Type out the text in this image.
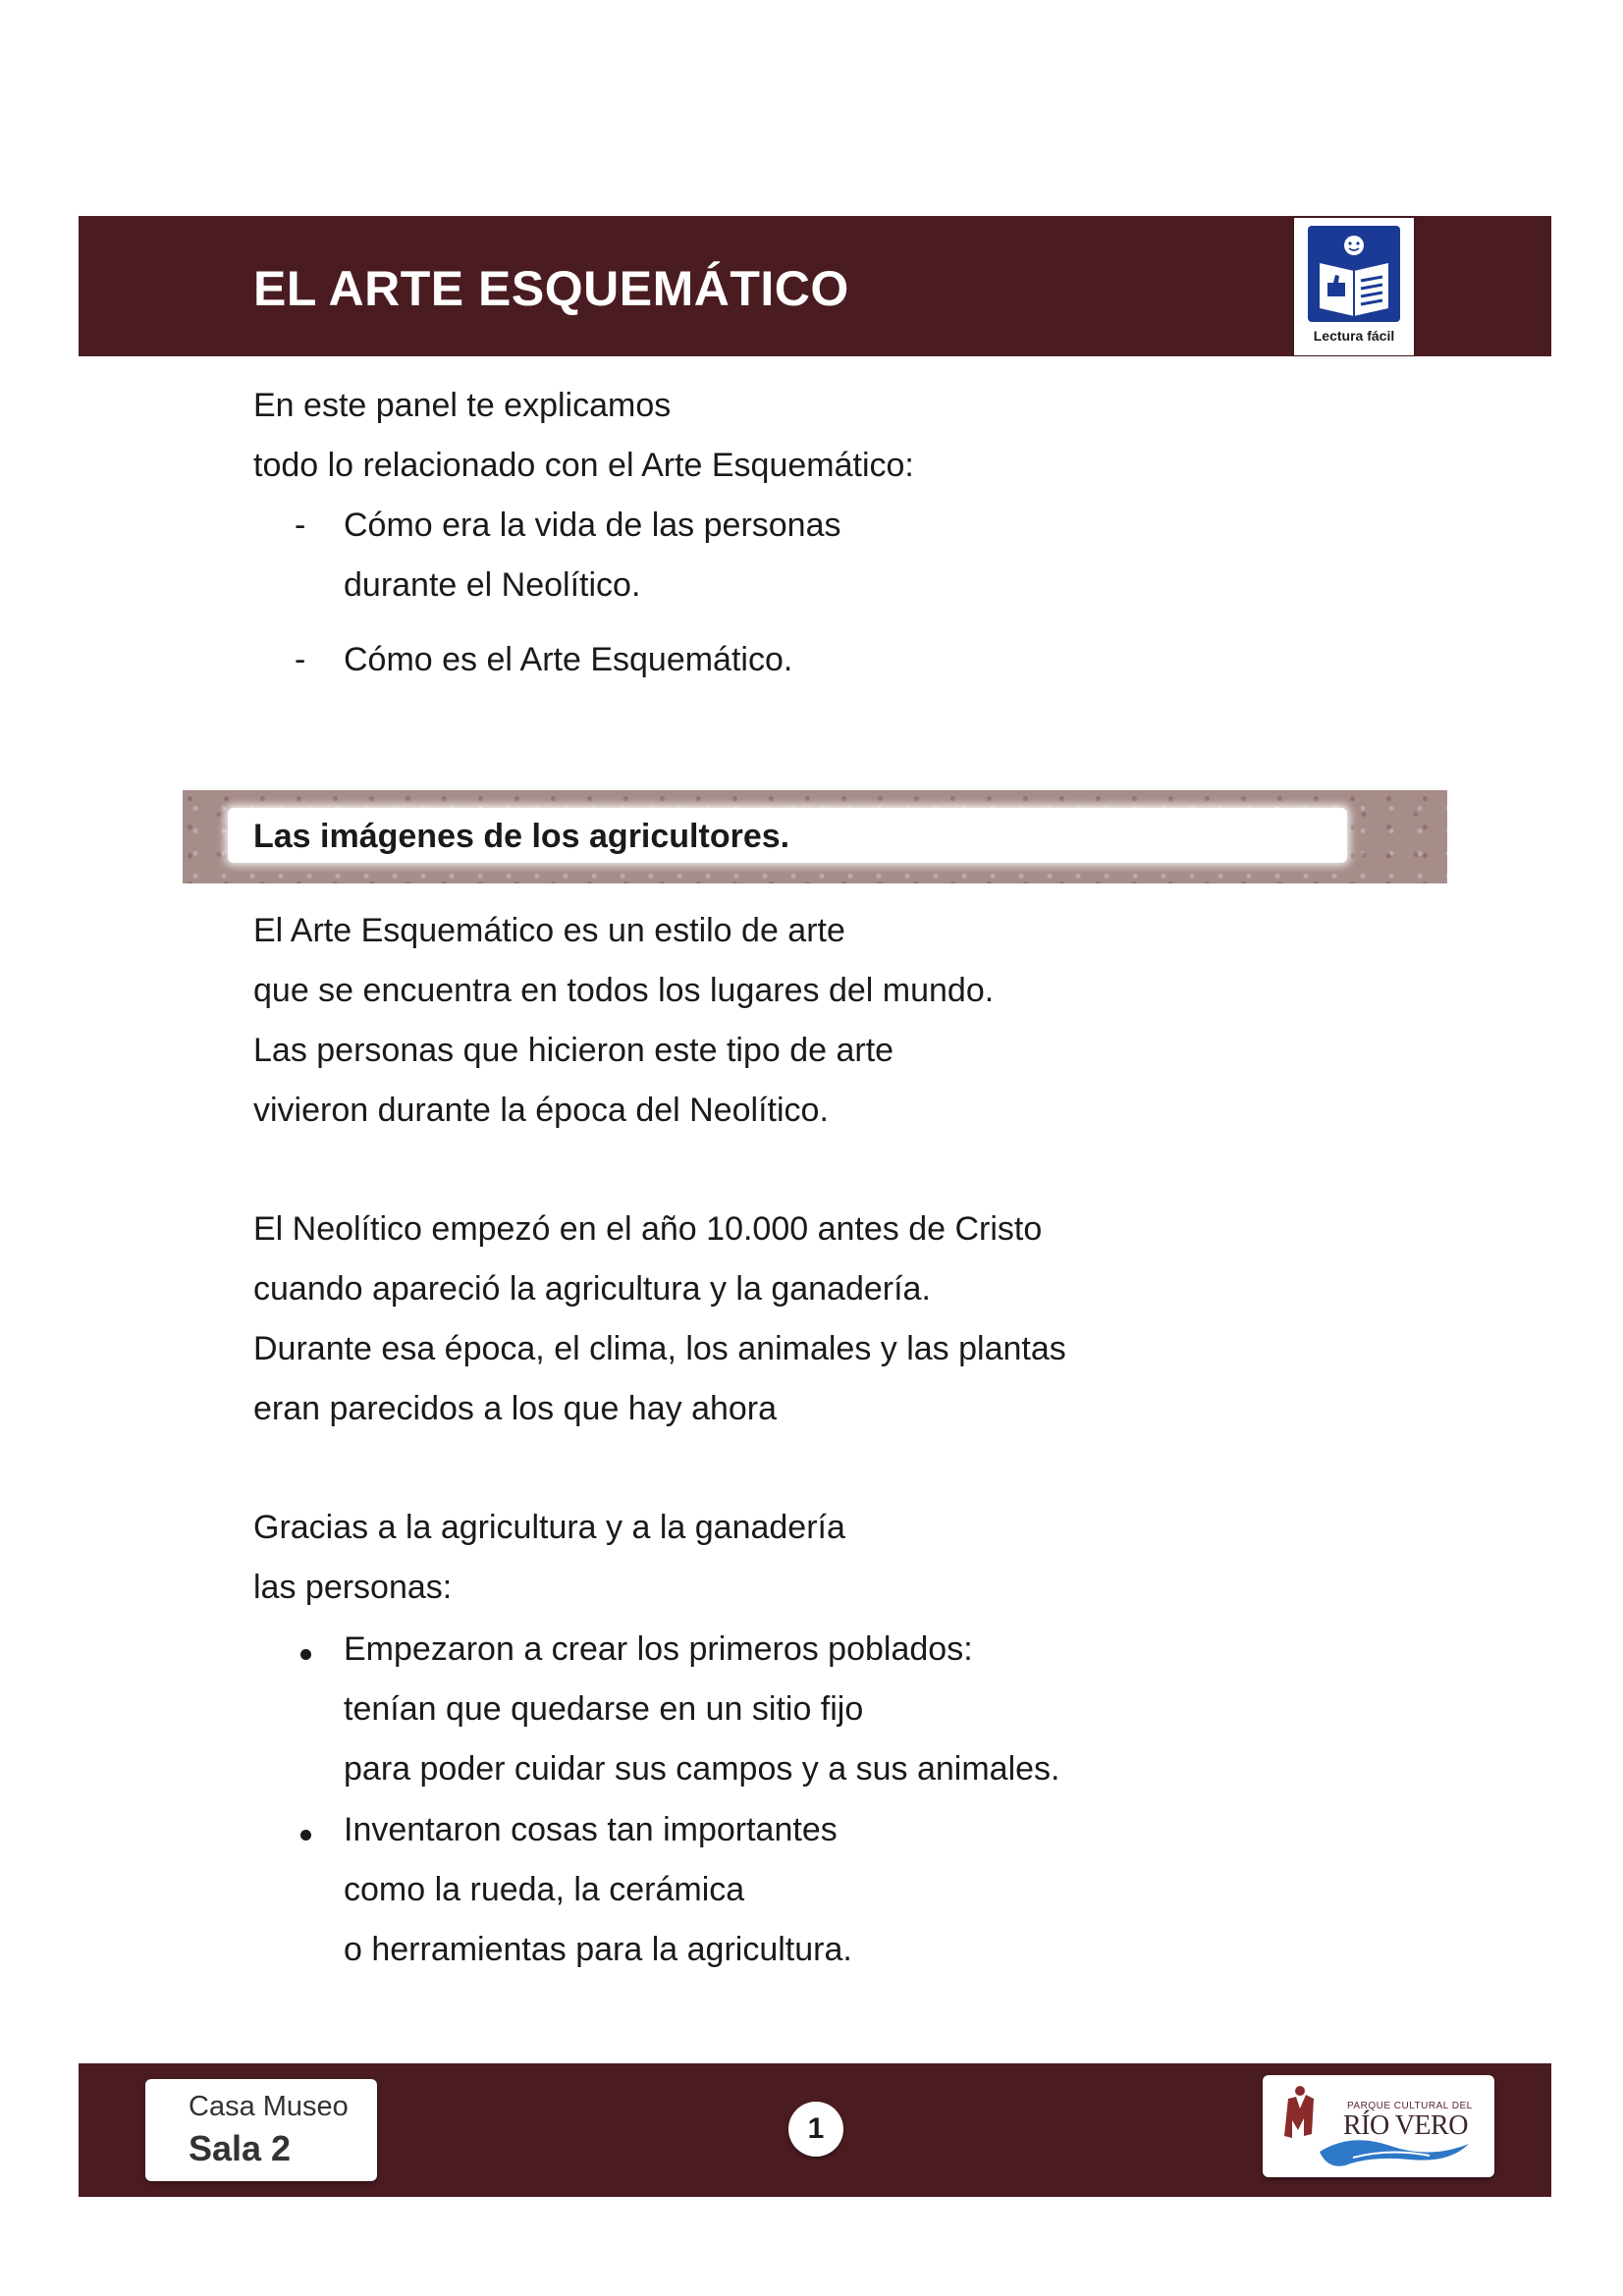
EL ARTE ESQUEMÁTICO
Lectura fácil

En este panel te explicamos

todo lo relacionado con el Arte Esquemático:

- Cómo era la vida de las personas
durante el Neolítico.
- Cómo es el Arte Esquemático.
Las imágenes de los agricultores.

El Arte Esquemático es un estilo de arte

que se encuentra en todos los lugares del mundo.

Las personas que hicieron este tipo de arte

vivieron durante la época del Neolítico.

El Neolítico empezó en el año 10.000 antes de Cristo

cuando apareció la agricultura y la ganadería.

Durante esa época, el clima, los animales y las plantas

eran parecidos a los que hay ahora

Gracias a la agricultura y a la ganadería

las personas:

Empezaron a crear los primeros poblados:
tenían que quedarse en un sitio fijo
para poder cuidar sus campos y a sus animales.
Inventaron cosas tan importantes
como la rueda, la cerámica
o herramientas para la agricultura.
Casa Museo
Sala 2	1
PARQUE CULTURAL DEL
RÍO VERO
